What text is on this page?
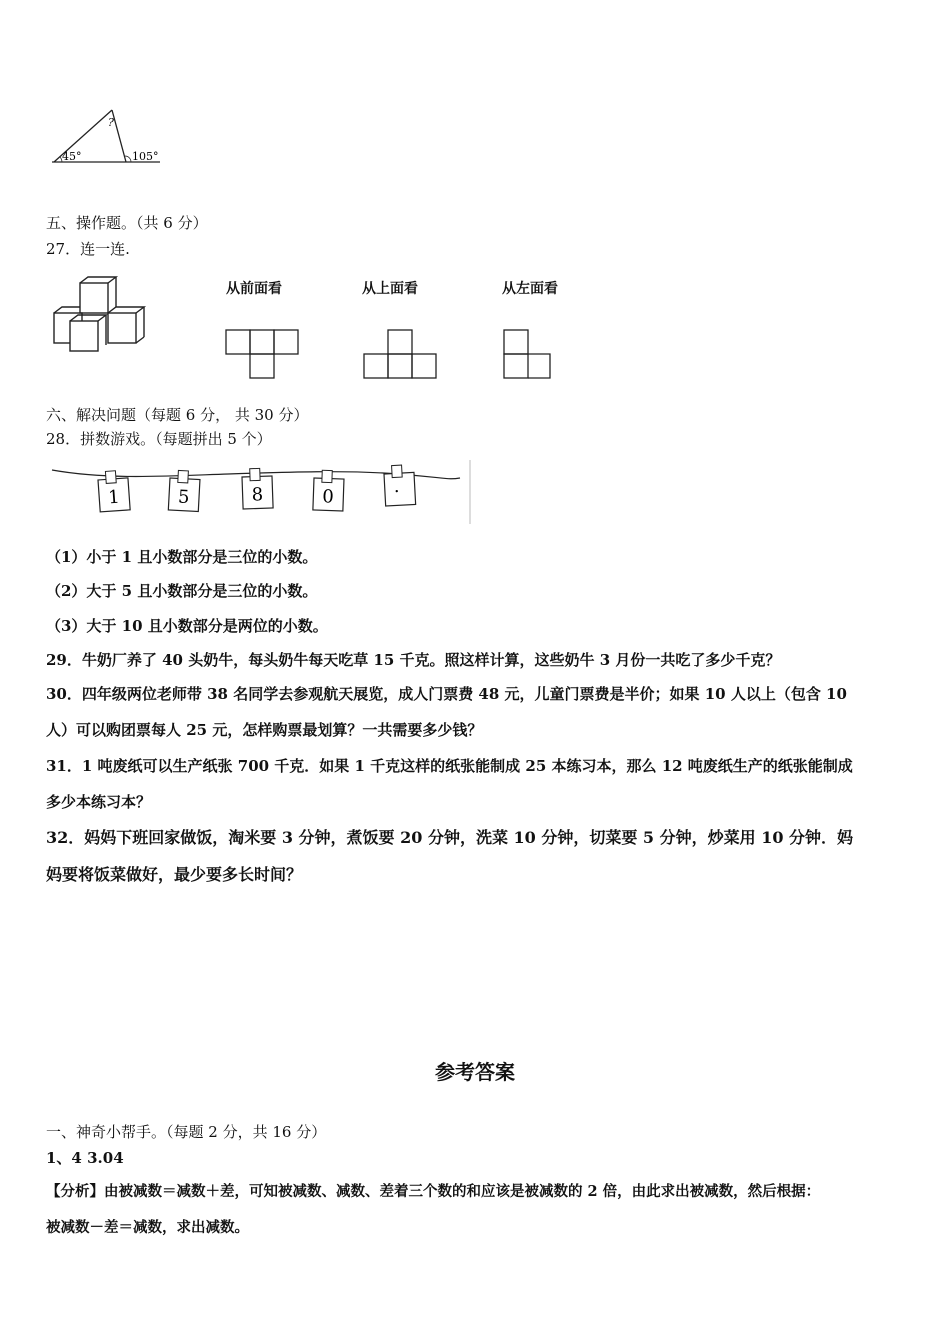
45°
?
105°
五、操作题。（共 6 分）
27．连一连.
从前面看	从上面看	从左面看
六、解决问题（每题 6 分， 共 30 分）
28．拼数游戏。（每题拼出 5 个）
1	5	8	0	·
（1）小于 1 且小数部分是三位的小数。
（2）大于 5 且小数部分是三位的小数。
（3）大于 10 且小数部分是两位的小数。
29．牛奶厂养了 40 头奶牛，每头奶牛每天吃草 15 千克。照这样计算，这些奶牛 3 月份一共吃了多少千克？
30．四年级两位老师带 38 名同学去参观航天展览，成人门票费 48 元，儿童门票费是半价；如果 10 人以上（包含 10
人）可以购团票每人 25 元，怎样购票最划算？一共需要多少钱？
31．1 吨废纸可以生产纸张 700 千克．如果 1 千克这样的纸张能制成 25 本练习本，那么 12 吨废纸生产的纸张能制成
多少本练习本？
32．妈妈下班回家做饭，淘米要 3 分钟，煮饭要 20 分钟，洗菜 10 分钟，切菜要 5 分钟，炒菜用 10 分钟．妈
妈要将饭菜做好，最少要多长时间？
参考答案
一、神奇小帮手。（每题 2 分，共 16 分）
1、4 3.04
【分析】由被减数＝减数＋差，可知被减数、减数、差着三个数的和应该是被减数的 2 倍，由此求出被减数，然后根据：
被减数－差＝减数，求出减数。
